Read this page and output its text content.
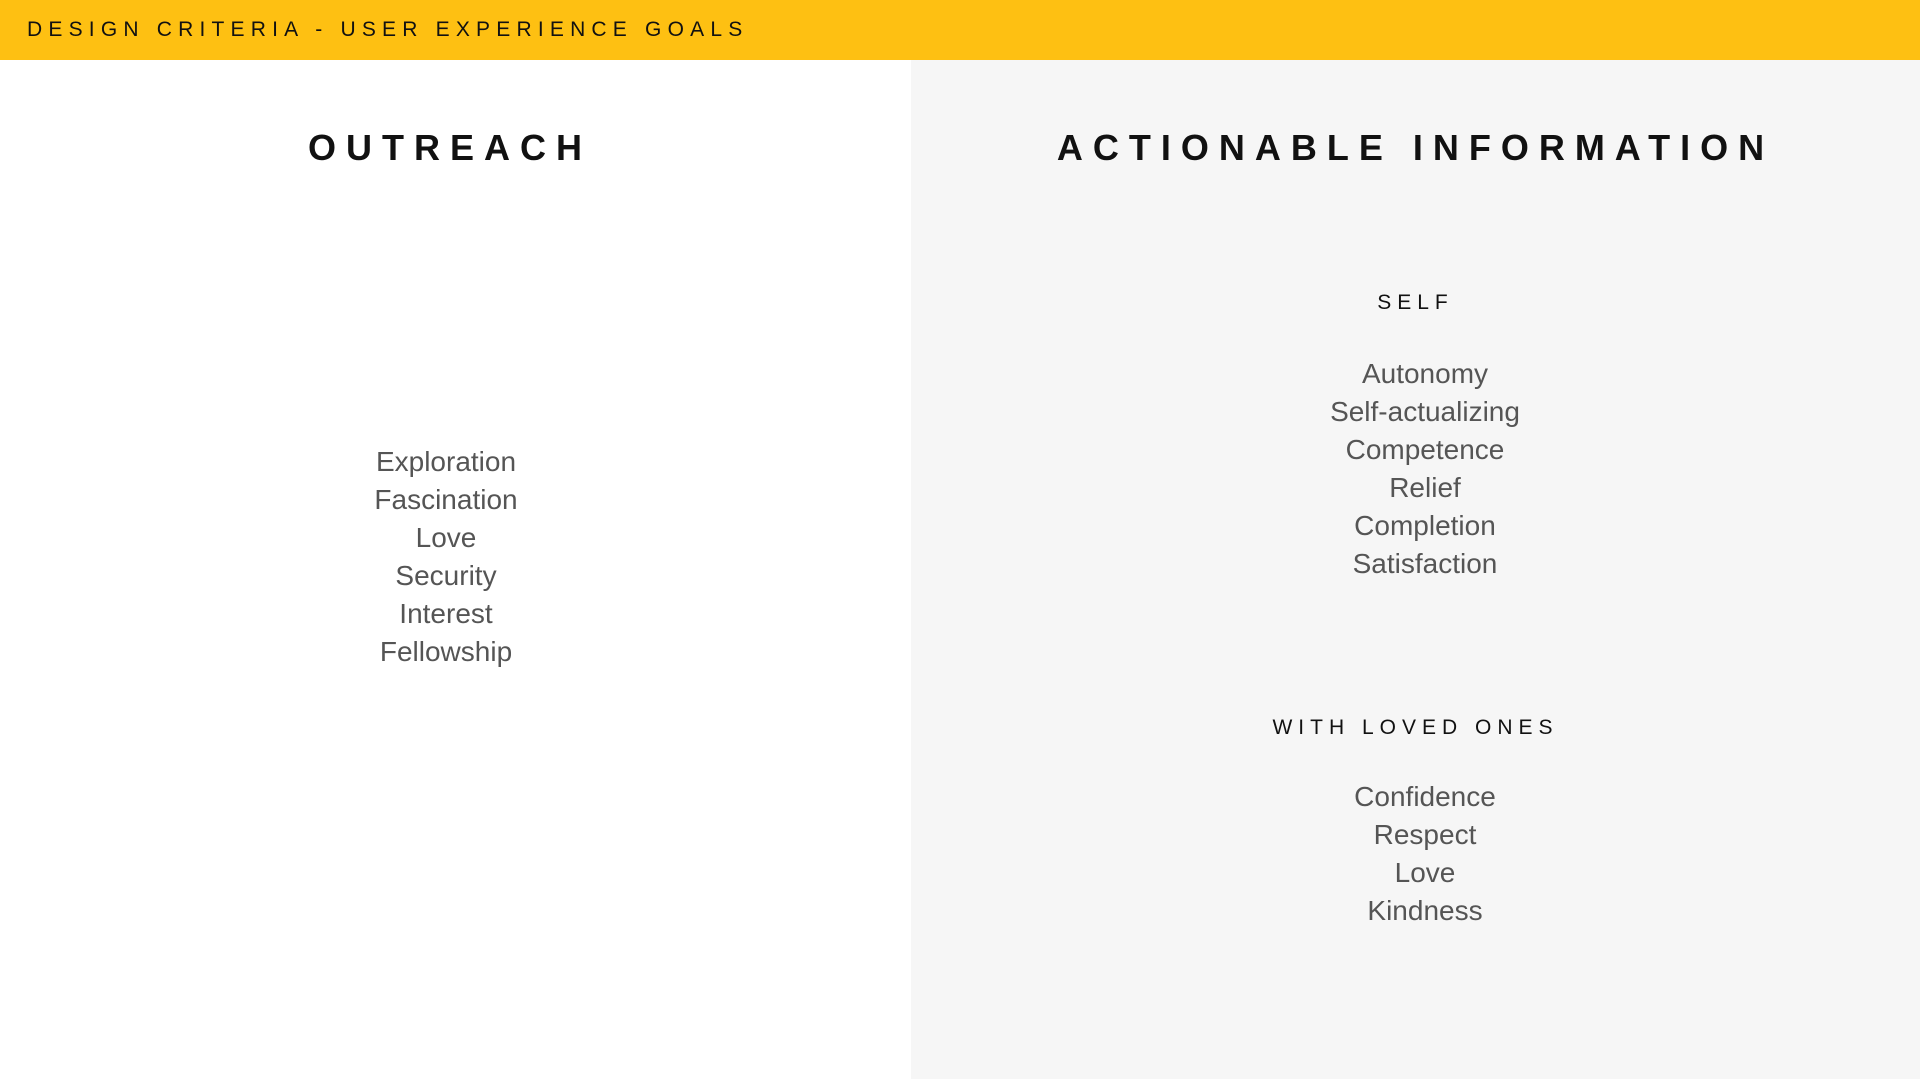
DESIGN CRITERIA - USER EXPERIENCE GOALS
OUTREACH
Exploration
Fascination
Love
Security
Interest
Fellowship
ACTIONABLE INFORMATION
SELF
Autonomy
Self-actualizing
Competence
Relief
Completion
Satisfaction
WITH LOVED ONES
Confidence
Respect
Love
Kindness
